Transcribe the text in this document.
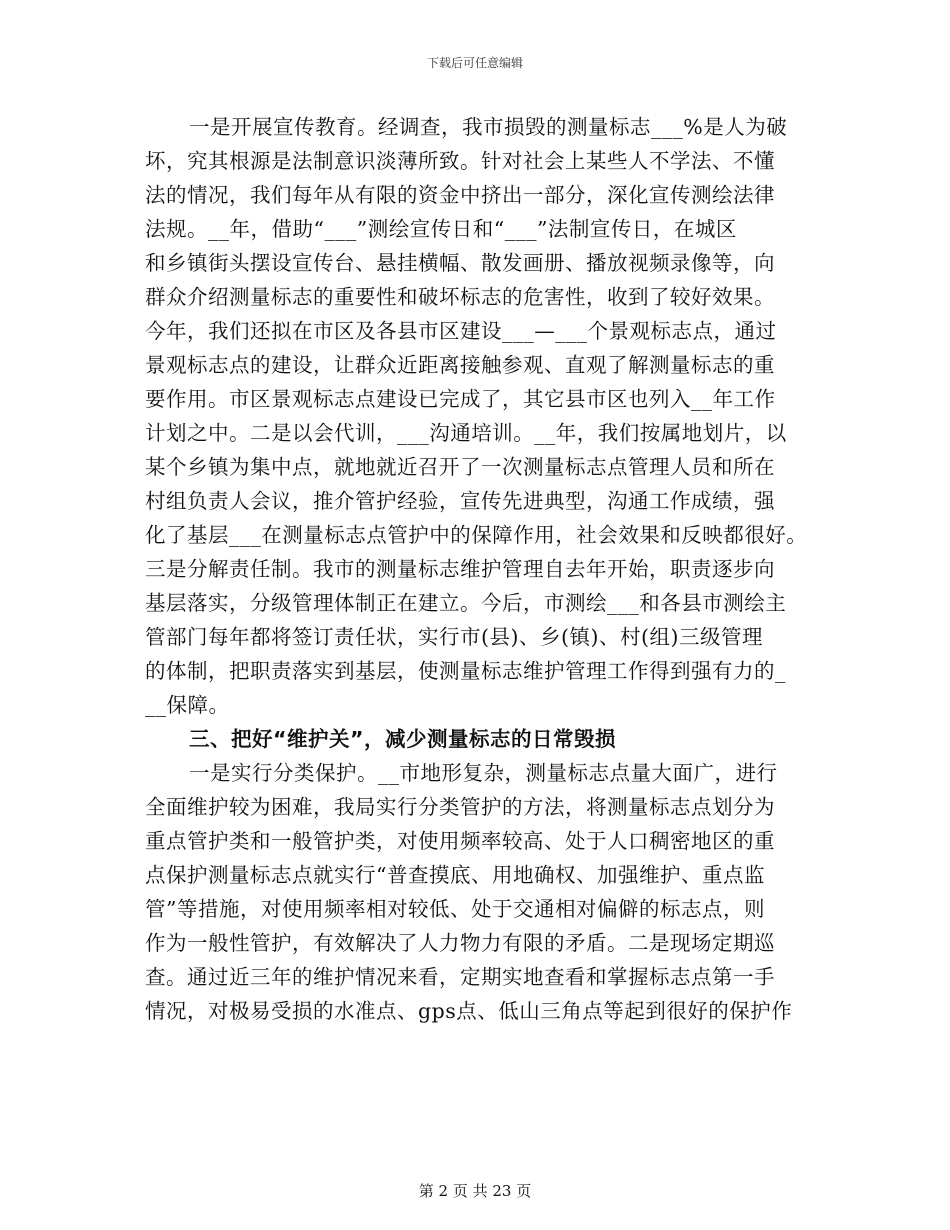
下载后可任意编辑
一是开展宣传教育。经调查，我市损毁的测量标志___%是人为破
坏，究其根源是法制意识淡薄所致。针对社会上某些人不学法、不懂
法的情况，我们每年从有限的资金中挤出一部分，深化宣传测绘法律
法规。__年，借助“___”测绘宣传日和“___”法制宣传日，在城区
和乡镇街头摆设宣传台、悬挂横幅、散发画册、播放视频录像等，向
群众介绍测量标志的重要性和破坏标志的危害性，收到了较好效果。
今年，我们还拟在市区及各县市区建设___—___个景观标志点，通过
景观标志点的建设，让群众近距离接触参观、直观了解测量标志的重
要作用。市区景观标志点建设已完成了，其它县市区也列入__年工作
计划之中。二是以会代训，___沟通培训。__年，我们按属地划片，以
某个乡镇为集中点，就地就近召开了一次测量标志点管理人员和所在
村组负责人会议，推介管护经验，宣传先进典型，沟通工作成绩，强
化了基层___在测量标志点管护中的保障作用，社会效果和反映都很好。
三是分解责任制。我市的测量标志维护管理自去年开始，职责逐步向
基层落实，分级管理体制正在建立。今后，市测绘___和各县市测绘主
管部门每年都将签订责任状，实行市(县)、乡(镇)、村(组)三级管理
的体制，把职责落实到基层，使测量标志维护管理工作得到强有力的_
__保障。
三、把好“维护关”，减少测量标志的日常毁损
一是实行分类保护。__市地形复杂，测量标志点量大面广，进行
全面维护较为困难，我局实行分类管护的方法，将测量标志点划分为
重点管护类和一般管护类，对使用频率较高、处于人口稠密地区的重
点保护测量标志点就实行“普查摸底、用地确权、加强维护、重点监
管”等措施，对使用频率相对较低、处于交通相对偏僻的标志点，则
作为一般性管护，有效解决了人力物力有限的矛盾。二是现场定期巡
查。通过近三年的维护情况来看，定期实地查看和掌握标志点第一手
情况，对极易受损的水准点、gps点、低山三角点等起到很好的保护作
第 2 页 共 23 页
